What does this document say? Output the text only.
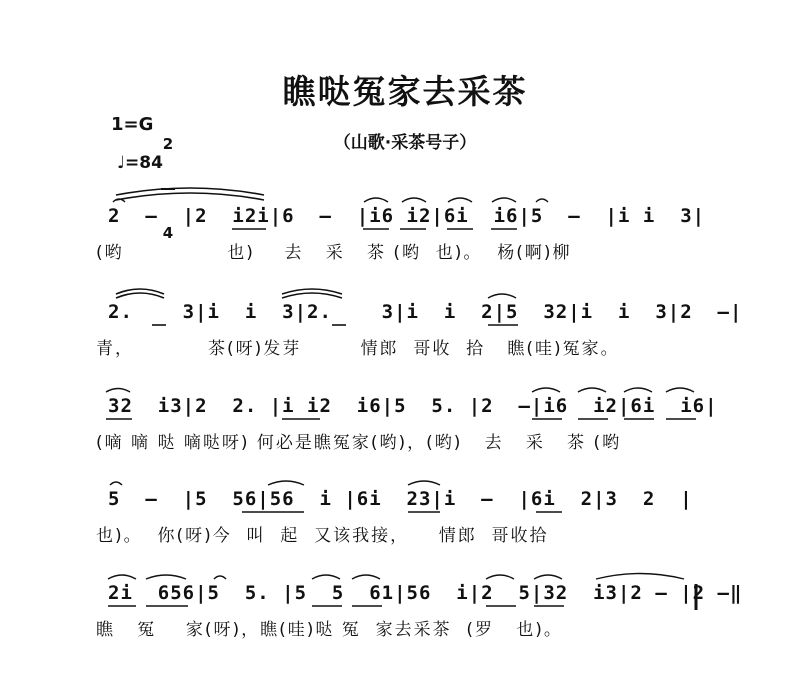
瞧哒冤家去采茶
（山歌·采茶号子）
1=G

2

4

♩=84
2  –  |2  i2i|6  –  |i6 i2|6i  i6|5  –  |i i  3|
(哟              也)    去   采   茶 (哟  也)。  杨(啊)柳
2.    3|i  i  3|2.    3|i  i  2|5  32|i  i  3|2  –|
青，          茶(呀)发芽        情郎  哥收  拾   瞧(哇)冤家。
32  i3|2  2. |i i2  i6|5  5. |2  –|i6  i2|6i  i6|
(嘀 嘀 哒 嘀哒呀) 何必是瞧冤家(哟)，(哟)   去   采   茶 (哟
5  –  |5  56|56  i |6i  23|i  –  |6i  2|3  2  |
也)。  你(呀)今  叫  起  又该我接，    情郎  哥收拾
2i  656|5  5. |5  5  61|56  i|2  5|32  i3|2 – |2 –‖
瞧   冤    家(呀)，瞧(哇)哒 冤  家去采茶  (罗   也)。
